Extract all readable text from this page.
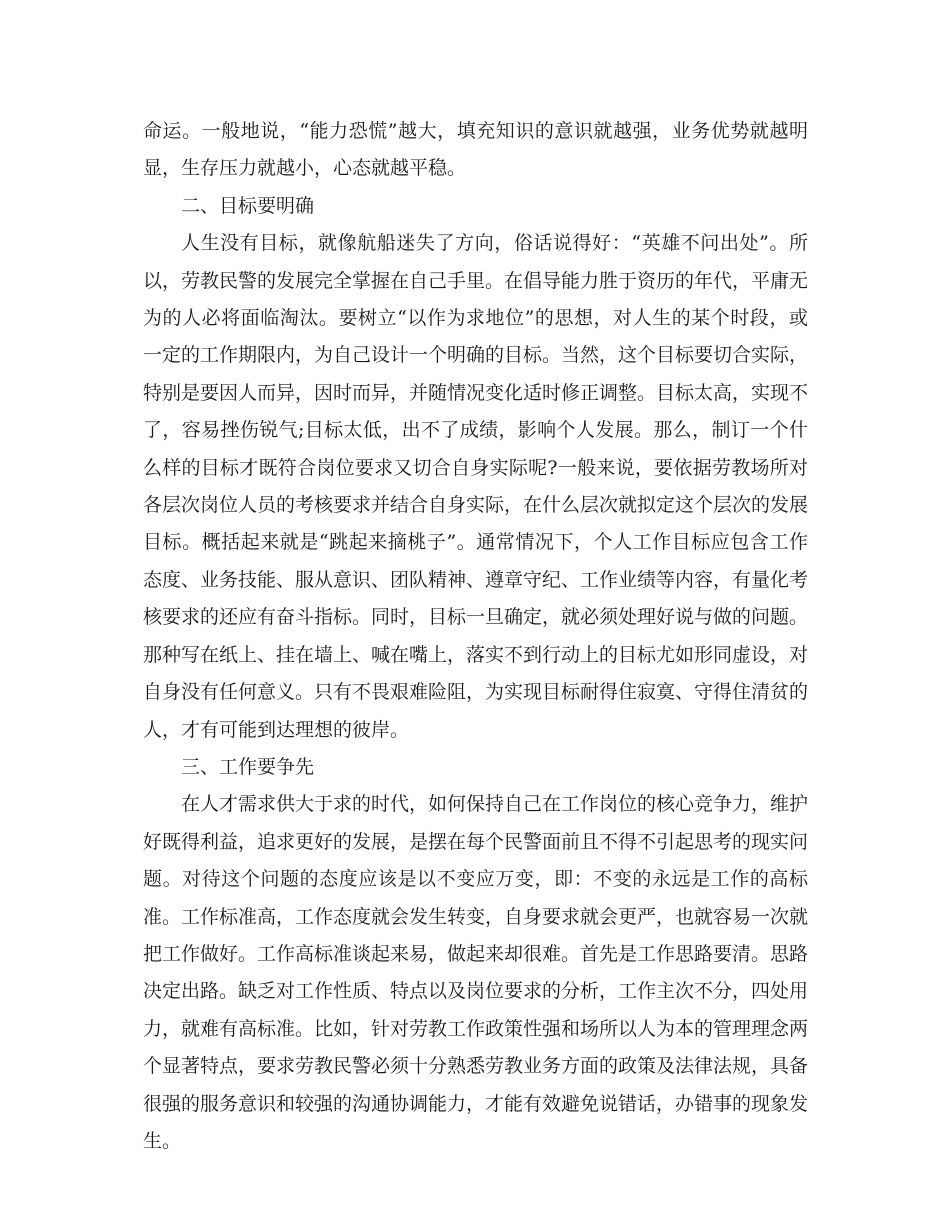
命运。一般地说，“能力恐慌”越大，填充知识的意识就越强，业务优势就越明显，生存压力就越小，心态就越平稳。

二、目标要明确

人生没有目标，就像航船迷失了方向，俗话说得好：“英雄不问出处”。所以，劳教民警的发展完全掌握在自己手里。在倡导能力胜于资历的年代，平庸无为的人必将面临淘汰。要树立“以作为求地位”的思想，对人生的某个时段，或一定的工作期限内，为自己设计一个明确的目标。当然，这个目标要切合实际，特别是要因人而异，因时而异，并随情况变化适时修正调整。目标太高，实现不了，容易挫伤锐气;目标太低，出不了成绩，影响个人发展。那么，制订一个什么样的目标才既符合岗位要求又切合自身实际呢?一般来说，要依据劳教场所对各层次岗位人员的考核要求并结合自身实际，在什么层次就拟定这个层次的发展目标。概括起来就是“跳起来摘桃子”。通常情况下，个人工作目标应包含工作态度、业务技能、服从意识、团队精神、遵章守纪、工作业绩等内容，有量化考核要求的还应有奋斗指标。同时，目标一旦确定，就必须处理好说与做的问题。那种写在纸上、挂在墙上、喊在嘴上，落实不到行动上的目标尤如形同虚设，对自身没有任何意义。只有不畏艰难险阻，为实现目标耐得住寂寞、守得住清贫的人，才有可能到达理想的彼岸。

三、工作要争先

在人才需求供大于求的时代，如何保持自己在工作岗位的核心竞争力，维护好既得利益，追求更好的发展，是摆在每个民警面前且不得不引起思考的现实问题。对待这个问题的态度应该是以不变应万变，即：不变的永远是工作的高标准。工作标准高，工作态度就会发生转变，自身要求就会更严，也就容易一次就把工作做好。工作高标准谈起来易，做起来却很难。首先是工作思路要清。思路决定出路。缺乏对工作性质、特点以及岗位要求的分析，工作主次不分，四处用力，就难有高标准。比如，针对劳教工作政策性强和场所以人为本的管理理念两个显著特点，要求劳教民警必须十分熟悉劳教业务方面的政策及法律法规，具备很强的服务意识和较强的沟通协调能力，才能有效避免说错话，办错事的现象发生。
